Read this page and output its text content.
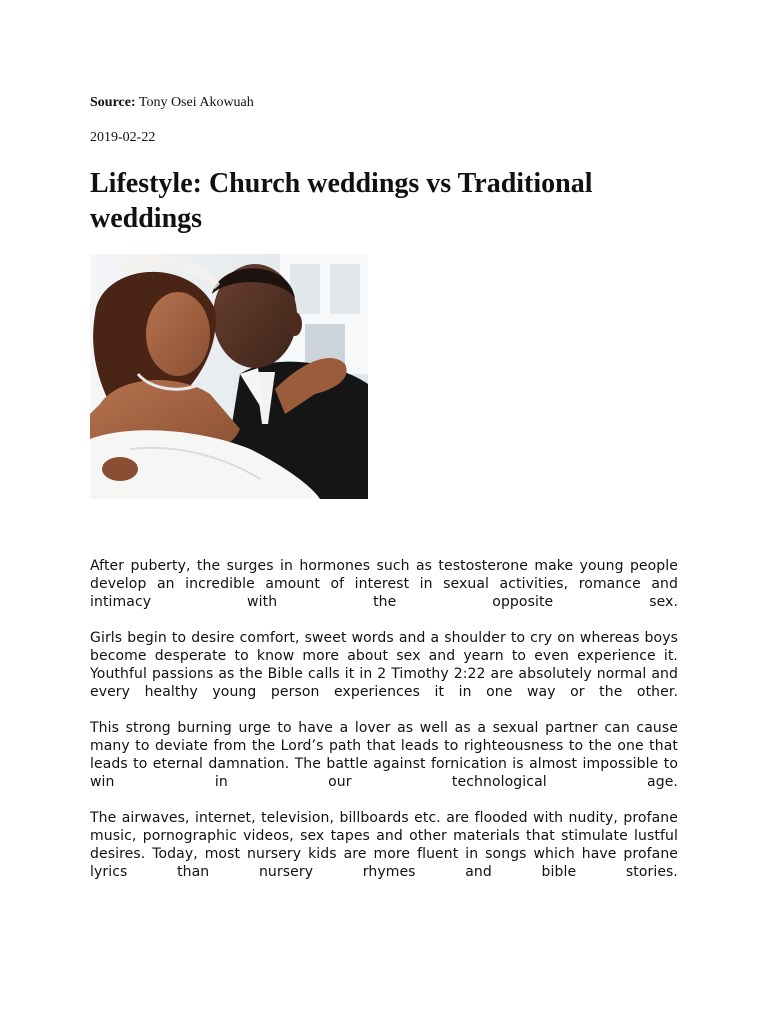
Source: Tony Osei Akowuah
2019-02-22
Lifestyle: Church weddings vs Traditional weddings

After puberty, the surges in hormones such as testosterone make young people develop an incredible amount of interest in sexual activities, romance and intimacy with the opposite sex.

Girls begin to desire comfort, sweet words and a shoulder to cry on whereas boys become desperate to know more about sex and yearn to even experience it. Youthful passions as the Bible calls it in 2 Timothy 2:22 are absolutely normal and every healthy young person experiences it in one way or the other.

This strong burning urge to have a lover as well as a sexual partner can cause many to deviate from the Lord’s path that leads to righteousness to the one that leads to eternal damnation. The battle against fornication is almost impossible to win in our technological age.

The airwaves, internet, television, billboards etc. are flooded with nudity, profane music, pornographic videos, sex tapes and other materials that stimulate lustful desires. Today, most nursery kids are more fluent in songs which have profane lyrics than nursery rhymes and bible stories.
